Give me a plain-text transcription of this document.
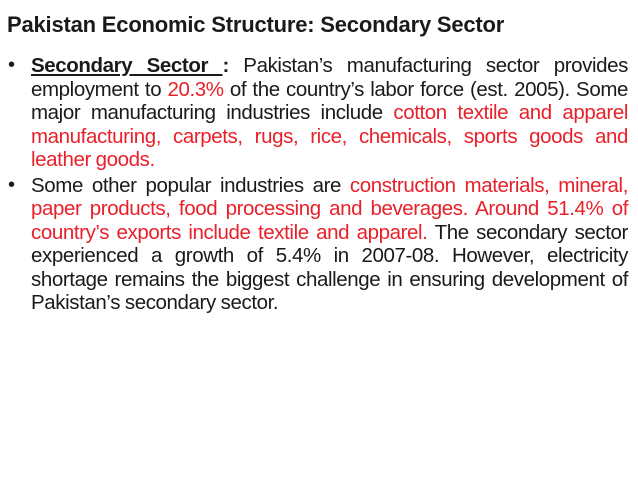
Pakistan Economic Structure: Secondary Sector
• Secondary Sector : Pakistan’s manufacturing sector provides employment to 20.3% of the country’s labor force (est. 2005). Some major manufacturing industries include cotton textile and apparel manufacturing, carpets, rugs, rice, chemicals, sports goods and leather goods.
• Some other popular industries are construction materials, mineral, paper products, food processing and beverages. Around 51.4% of country’s exports include textile and apparel. The secondary sector experienced a growth of 5.4% in 2007-08. However, electricity shortage remains the biggest challenge in ensuring development of Pakistan’s secondary sector.
